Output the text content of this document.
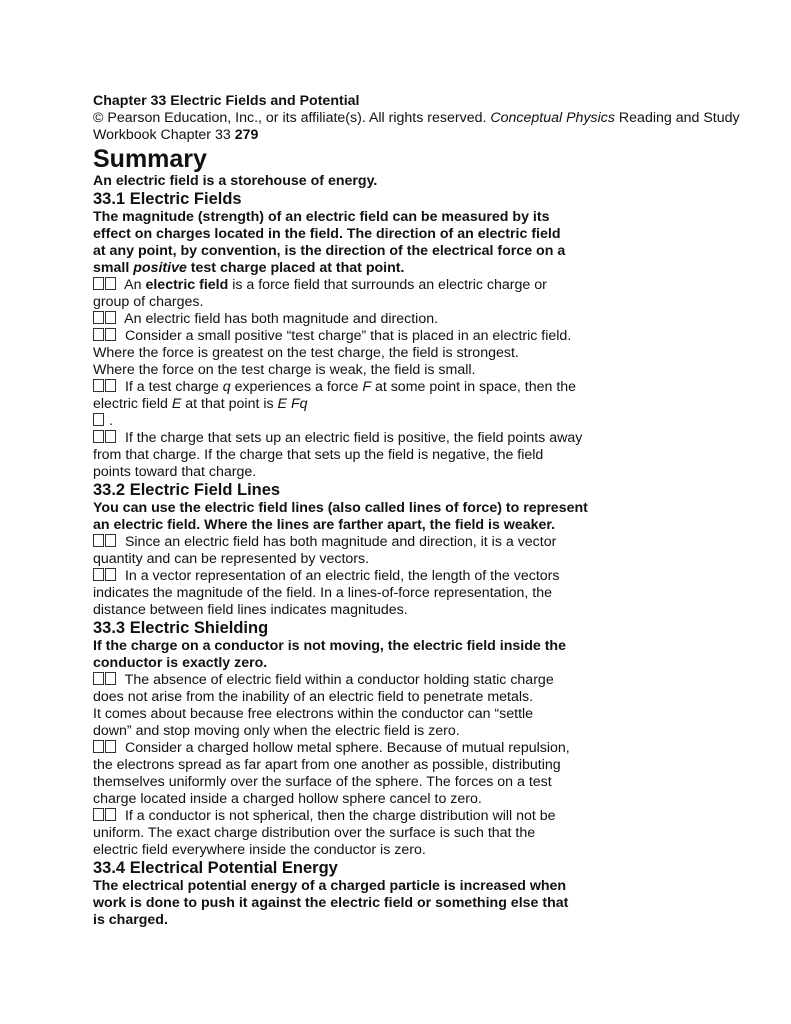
Chapter 33 Electric Fields and Potential
© Pearson Education, Inc., or its affiliate(s). All rights reserved. Conceptual Physics Reading and Study
Workbook Chapter 33 279
Summary
An electric field is a storehouse of energy.
33.1 Electric Fields
The magnitude (strength) of an electric field can be measured by its
effect on charges located in the field. The direction of an electric field
at any point, by convention, is the direction of the electrical force on a
small positive test charge placed at that point.
An electric field is a force field that surrounds an electric charge or
group of charges.
An electric field has both magnitude and direction.
Consider a small positive “test charge” that is placed in an electric field.
Where the force is greatest on the test charge, the field is strongest.
Where the force on the test charge is weak, the field is small.
If a test charge q experiences a force F at some point in space, then the
electric field E at that point is E Fq
.
If the charge that sets up an electric field is positive, the field points away
from that charge. If the charge that sets up the field is negative, the field
points toward that charge.
33.2 Electric Field Lines
You can use the electric field lines (also called lines of force) to represent
an electric field. Where the lines are farther apart, the field is weaker.
Since an electric field has both magnitude and direction, it is a vector
quantity and can be represented by vectors.
In a vector representation of an electric field, the length of the vectors
indicates the magnitude of the field. In a lines-of-force representation, the
distance between field lines indicates magnitudes.
33.3 Electric Shielding
If the charge on a conductor is not moving, the electric field inside the
conductor is exactly zero.
The absence of electric field within a conductor holding static charge
does not arise from the inability of an electric field to penetrate metals.
It comes about because free electrons within the conductor can “settle
down” and stop moving only when the electric field is zero.
Consider a charged hollow metal sphere. Because of mutual repulsion,
the electrons spread as far apart from one another as possible, distributing
themselves uniformly over the surface of the sphere. The forces on a test
charge located inside a charged hollow sphere cancel to zero.
If a conductor is not spherical, then the charge distribution will not be
uniform. The exact charge distribution over the surface is such that the
electric field everywhere inside the conductor is zero.
33.4 Electrical Potential Energy
The electrical potential energy of a charged particle is increased when
work is done to push it against the electric field or something else that
is charged.
